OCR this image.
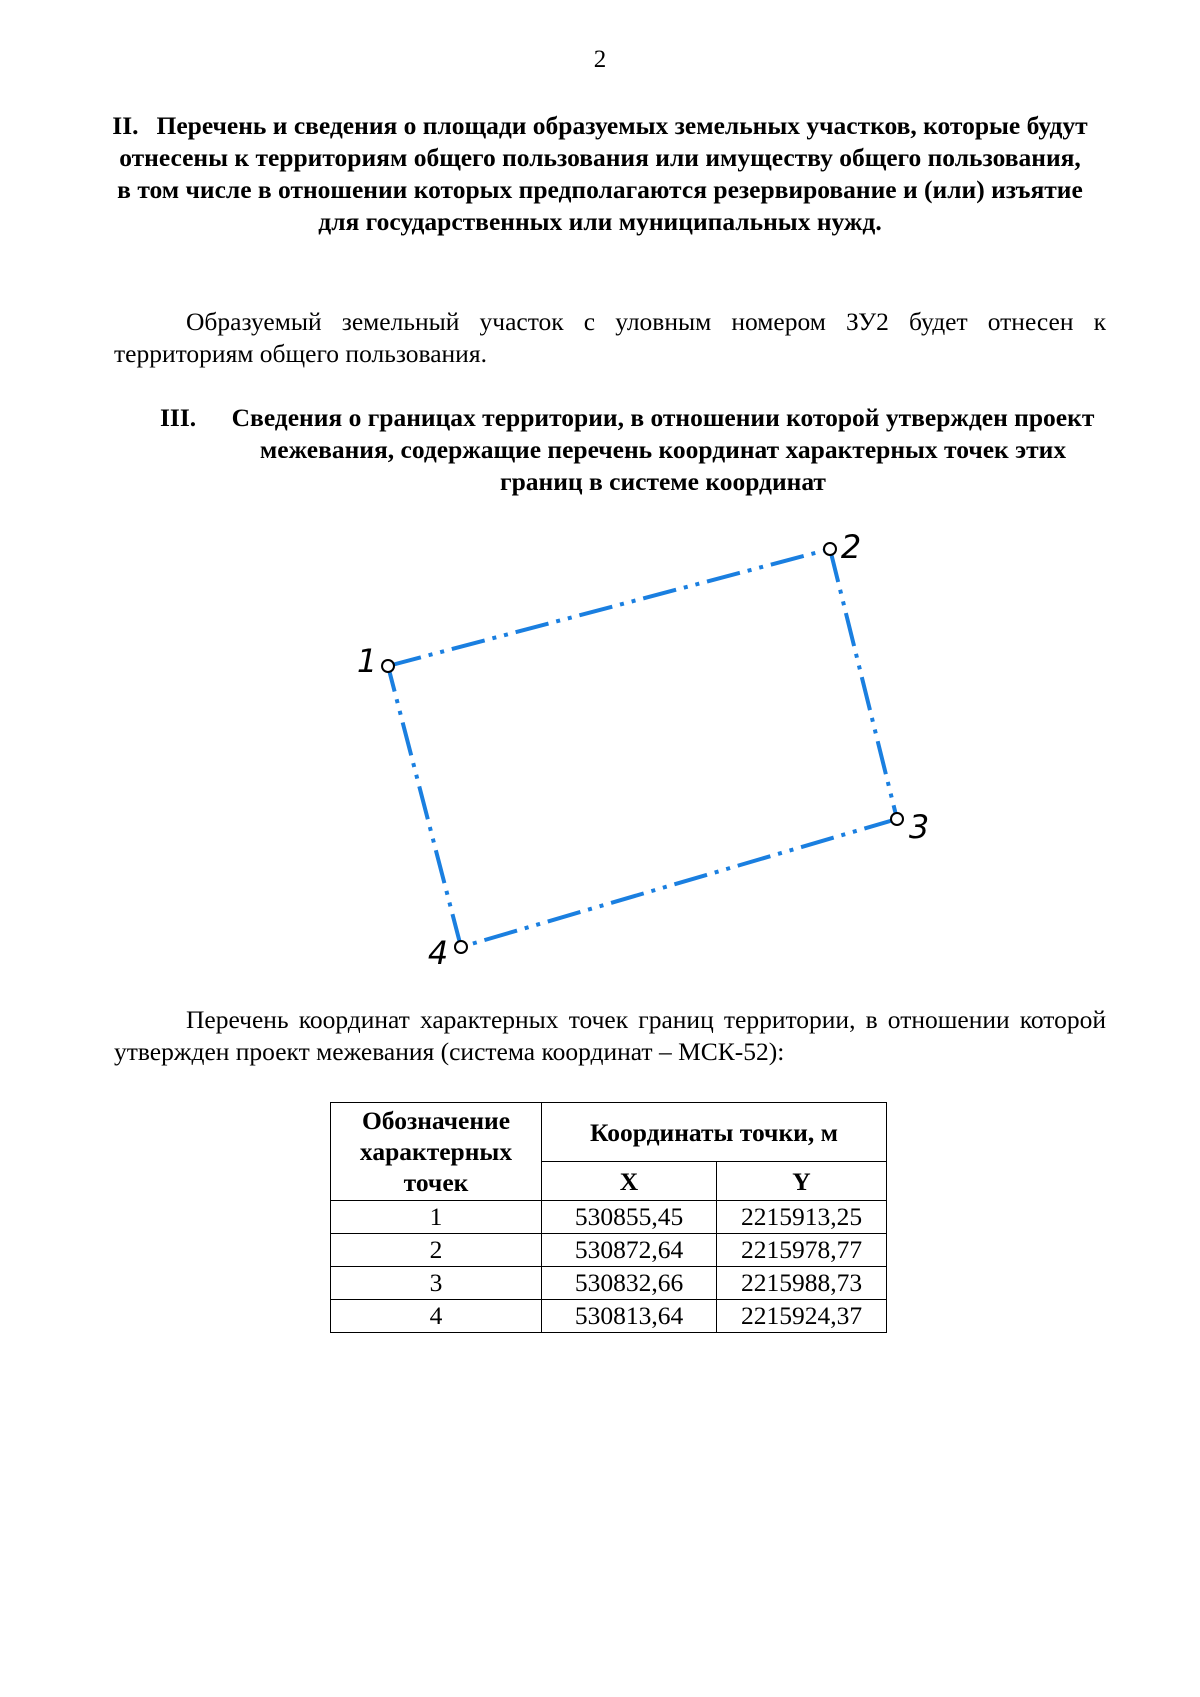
2
II. Перечень и сведения о площади образуемых земельных участков, которые будут отнесены к территориям общего пользования или имуществу общего пользования, в том числе в отношении которых предполагаются резервирование и (или) изъятие для государственных или муниципальных нужд.
Образуемый земельный участок с уловным номером ЗУ2 будет отнесен к территориям общего пользования.
III. Сведения о границах территории, в отношении которой утвержден проект межевания, содержащие перечень координат характерных точек этих границ в системе координат
1
2
3
4
Перечень координат характерных точек границ территории, в отношении которой утвержден проект межевания (система координат – МСК-52):
Обозначение характерных точек	Координаты точки, м	
	X	Y
1	530855,45	2215913,25
2	530872,64	2215978,77
3	530832,66	2215988,73
4	530813,64	2215924,37
